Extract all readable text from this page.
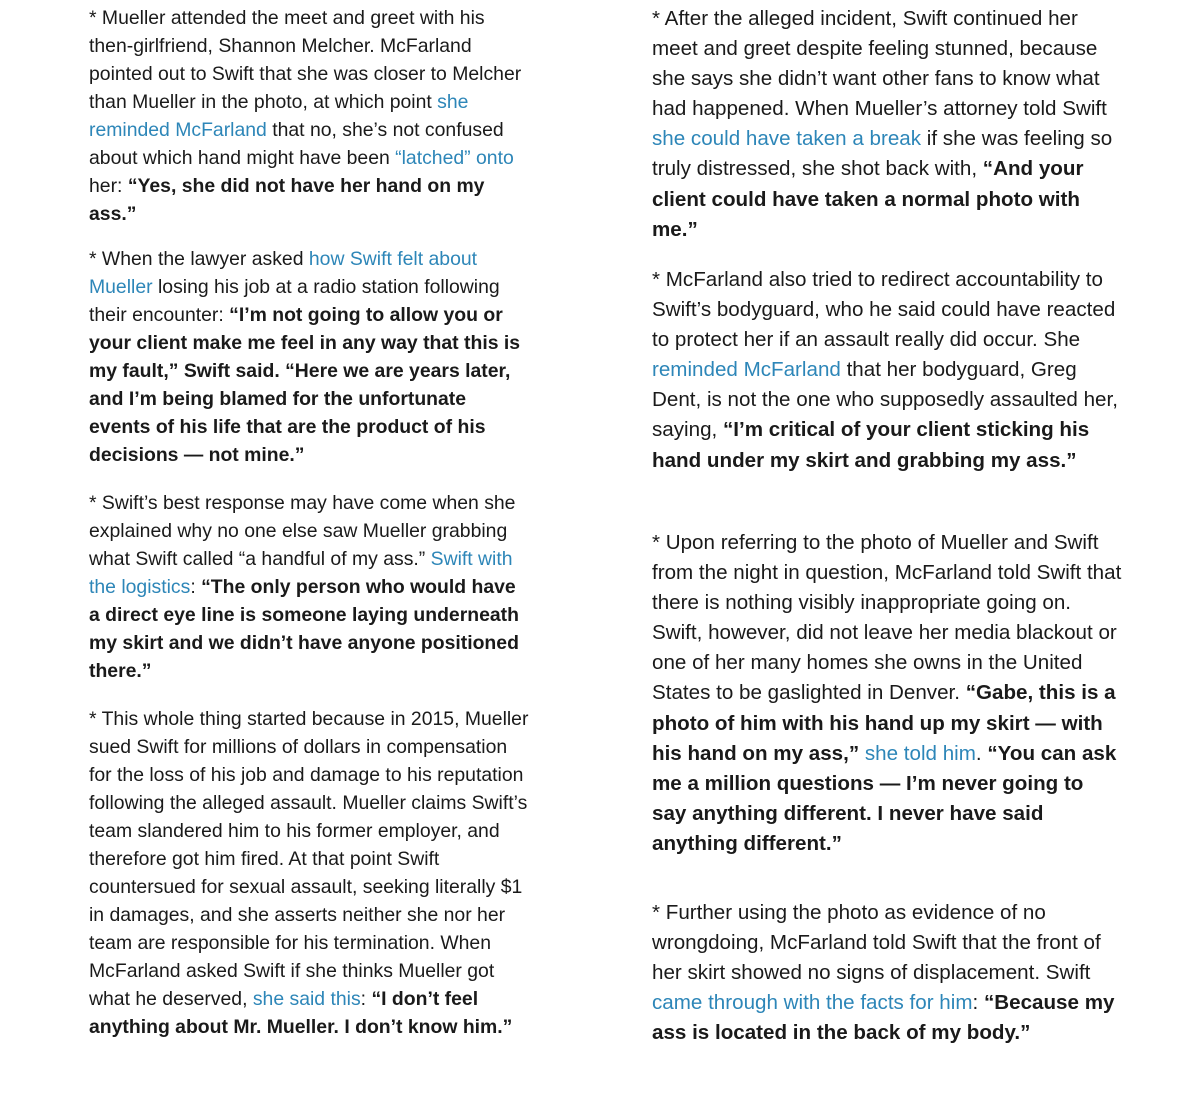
* Mueller attended the meet and greet with his then-girlfriend, Shannon Melcher. McFarland pointed out to Swift that she was closer to Melcher than Mueller in the photo, at which point she reminded McFarland that no, she’s not confused about which hand might have been “latched” onto her: “Yes, she did not have her hand on my ass.”

* When the lawyer asked how Swift felt about Mueller losing his job at a radio station following their encounter: “I’m not going to allow you or your client make me feel in any way that this is my fault,” Swift said. “Here we are years later, and I’m being blamed for the unfortunate events of his life that are the product of his decisions — not mine.”

* Swift’s best response may have come when she explained why no one else saw Mueller grabbing what Swift called “a handful of my ass.” Swift with the logistics: “The only person who would have a direct eye line is someone laying underneath my skirt and we didn’t have anyone positioned there.”

* This whole thing started because in 2015, Mueller sued Swift for millions of dollars in compensation for the loss of his job and damage to his reputation following the alleged assault. Mueller claims Swift’s team slandered him to his former employer, and therefore got him fired. At that point Swift countersued for sexual assault, seeking literally $1 in damages, and she asserts neither she nor her team are responsible for his termination. When McFarland asked Swift if she thinks Mueller got what he deserved, she said this: “I don’t feel anything about Mr. Mueller. I don’t know him.”

* After the alleged incident, Swift continued her meet and greet despite feeling stunned, because she says she didn’t want other fans to know what had happened. When Mueller’s attorney told Swift she could have taken a break if she was feeling so truly distressed, she shot back with, “And your client could have taken a normal photo with me.”

* McFarland also tried to redirect accountability to Swift’s bodyguard, who he said could have reacted to protect her if an assault really did occur. She reminded McFarland that her bodyguard, Greg Dent, is not the one who supposedly assaulted her, saying, “I’m critical of your client sticking his hand under my skirt and grabbing my ass.”

* Upon referring to the photo of Mueller and Swift from the night in question, McFarland told Swift that there is nothing visibly inappropriate going on. Swift, however, did not leave her media blackout or one of her many homes she owns in the United States to be gaslighted in Denver. “Gabe, this is a photo of him with his hand up my skirt — with his hand on my ass,” she told him. “You can ask me a million questions — I’m never going to say anything different. I never have said anything different.”

* Further using the photo as evidence of no wrongdoing, McFarland told Swift that the front of her skirt showed no signs of displacement. Swift came through with the facts for him: “Because my ass is located in the back of my body.”
